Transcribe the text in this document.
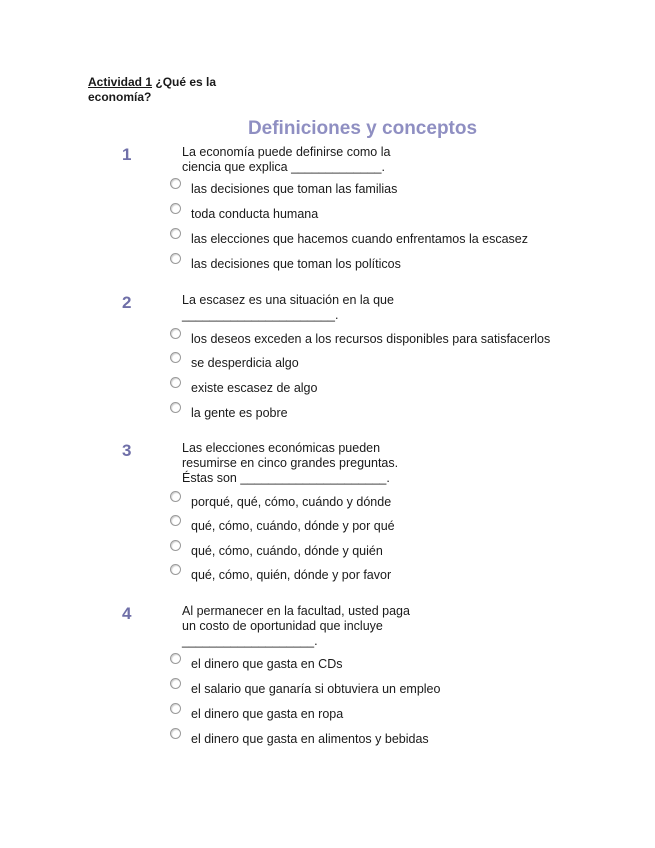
Actividad 1 ¿Qué es la economía?
Definiciones y conceptos
1	La economía puede definirse como la
ciencia que explica _____________.
las decisiones que toman las familias
toda conducta humana
las elecciones que hacemos cuando enfrentamos la escasez
las decisiones que toman los políticos
2	La escasez es una situación en la que
______________________.
los deseos exceden a los recursos disponibles para satisfacerlos
se desperdicia algo
existe escasez de algo
la gente es pobre
3	Las elecciones económicas pueden
resumirse en cinco grandes preguntas.
Éstas son _____________________.
porqué, qué, cómo, cuándo y dónde
qué, cómo, cuándo, dónde y por qué
qué, cómo, cuándo, dónde y quién
qué, cómo, quién, dónde y por favor
4	Al permanecer en la facultad, usted paga
un costo de oportunidad que incluye
___________________.
el dinero que gasta en CDs
el salario que ganaría si obtuviera un empleo
el dinero que gasta en ropa
el dinero que gasta en alimentos y bebidas
